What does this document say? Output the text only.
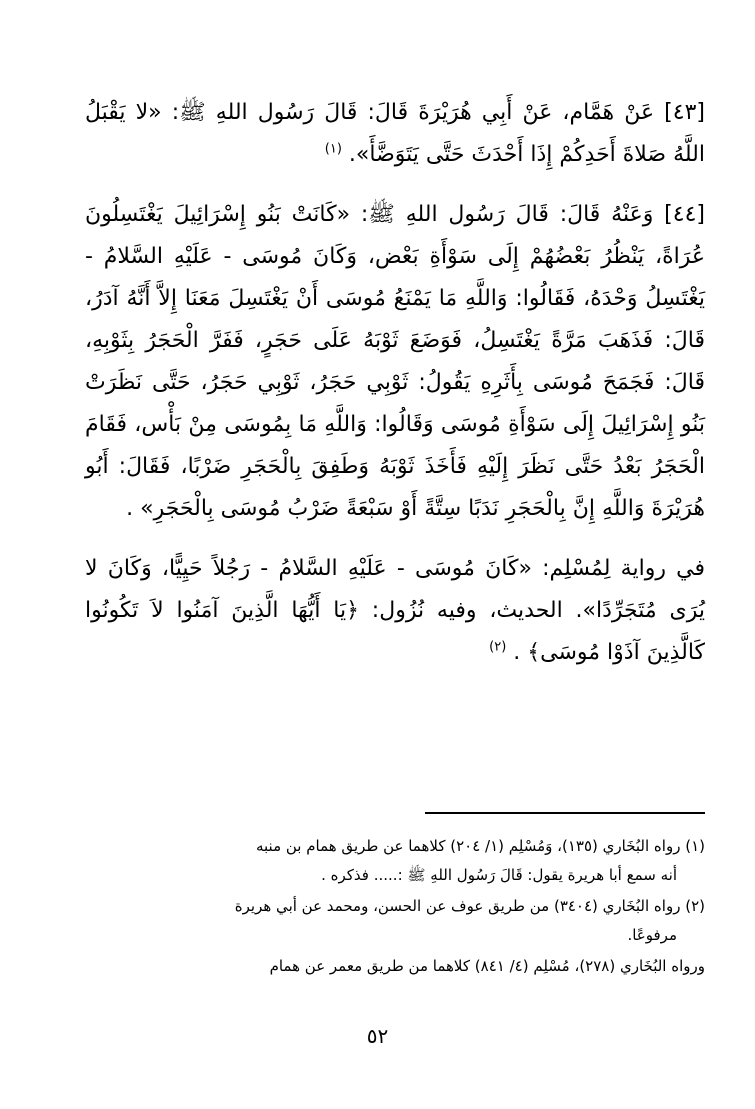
[٤٣] عَنْ هَمَّام، عَنْ أَبِي هُرَيْرَةَ قَالَ: قَالَ رَسُول اللهِ ﷺ: «لا يَقْبَلُ اللَّهُ صَلاةَ أَحَدِكُمْ إِذَا أَحْدَثَ حَتَّى يَتَوَضَّأَ». $^{(١)}$

[٤٤] وَعَنْهُ قَالَ: قَالَ رَسُول اللهِ ﷺ: «كَانَتْ بَنُو إِسْرَائِيلَ يَغْتَسِلُونَ عُرَاةً، يَنْظُرُ بَعْضُهُمْ إِلَى سَوْأَةِ بَعْض، وَكَانَ مُوسَى - عَلَيْهِ السَّلامُ - يَغْتَسِلُ وَحْدَهُ، فَقَالُوا: وَاللَّهِ مَا يَمْنَعُ مُوسَى أَنْ يَغْتَسِلَ مَعَنَا إِلاَّ أَنَّهُ آدَرُ، قَالَ: فَذَهَبَ مَرَّةً يَغْتَسِلُ، فَوَضَعَ ثَوْبَهُ عَلَى حَجَرٍ، فَفَرَّ الْحَجَرُ بِثَوْبِهِ، قَالَ: فَجَمَحَ مُوسَى بِأَثَرِهِ يَقُولُ: ثَوْبِي حَجَرُ، ثَوْبِي حَجَرُ، حَتَّى نَظَرَتْ بَنُو إِسْرَائِيلَ إِلَى سَوْأَةِ مُوسَى وَقَالُوا: وَاللَّهِ مَا بِمُوسَى مِنْ بَأْس، فَقَامَ الْحَجَرُ بَعْدُ حَتَّى نَظَرَ إِلَيْهِ فَأَخَذَ ثَوْبَهُ وَطَفِقَ بِالْحَجَرِ ضَرْبًا، فَقَالَ: أَبُو هُرَيْرَةَ وَاللَّهِ إِنَّ بِالْحَجَرِ نَدَبًا سِتَّةً أَوْ سَبْعَةً ضَرْبُ مُوسَى بِالْحَجَرِ» .

في رواية لِمُسْلِم: «كَانَ مُوسَى - عَلَيْهِ السَّلامُ - رَجُلاً حَيِيًّا، وَكَانَ لا يُرَى مُتَجَرِّدًا». الحديث، وفيه نُزُول: ﴿يَا أَيُّهَا الَّذِينَ آمَنُوا لاَ تَكُونُوا كَالَّذِينَ آذَوْا مُوسَى﴾ . $^{(٢)}$

(١) رواه البُخَاري (١٣٥)، وَمُسْلِم (١/ ٢٠٤) كلاهما عن طريق همام بن منبه
أنه سمع أبا هريرة يقول: قَالَ رَسُول اللهِ ﷺ :..... فذكره .

(٢) رواه البُخَاري (٣٤٠٤) من طريق عوف عن الحسن، ومحمد عن أبي هريرة
مرفوعًا.

ورواه البُخَاري (٢٧٨)، مُسْلِم (٤/ ٨٤١) كلاهما من طريق معمر عن همام

٥٢
